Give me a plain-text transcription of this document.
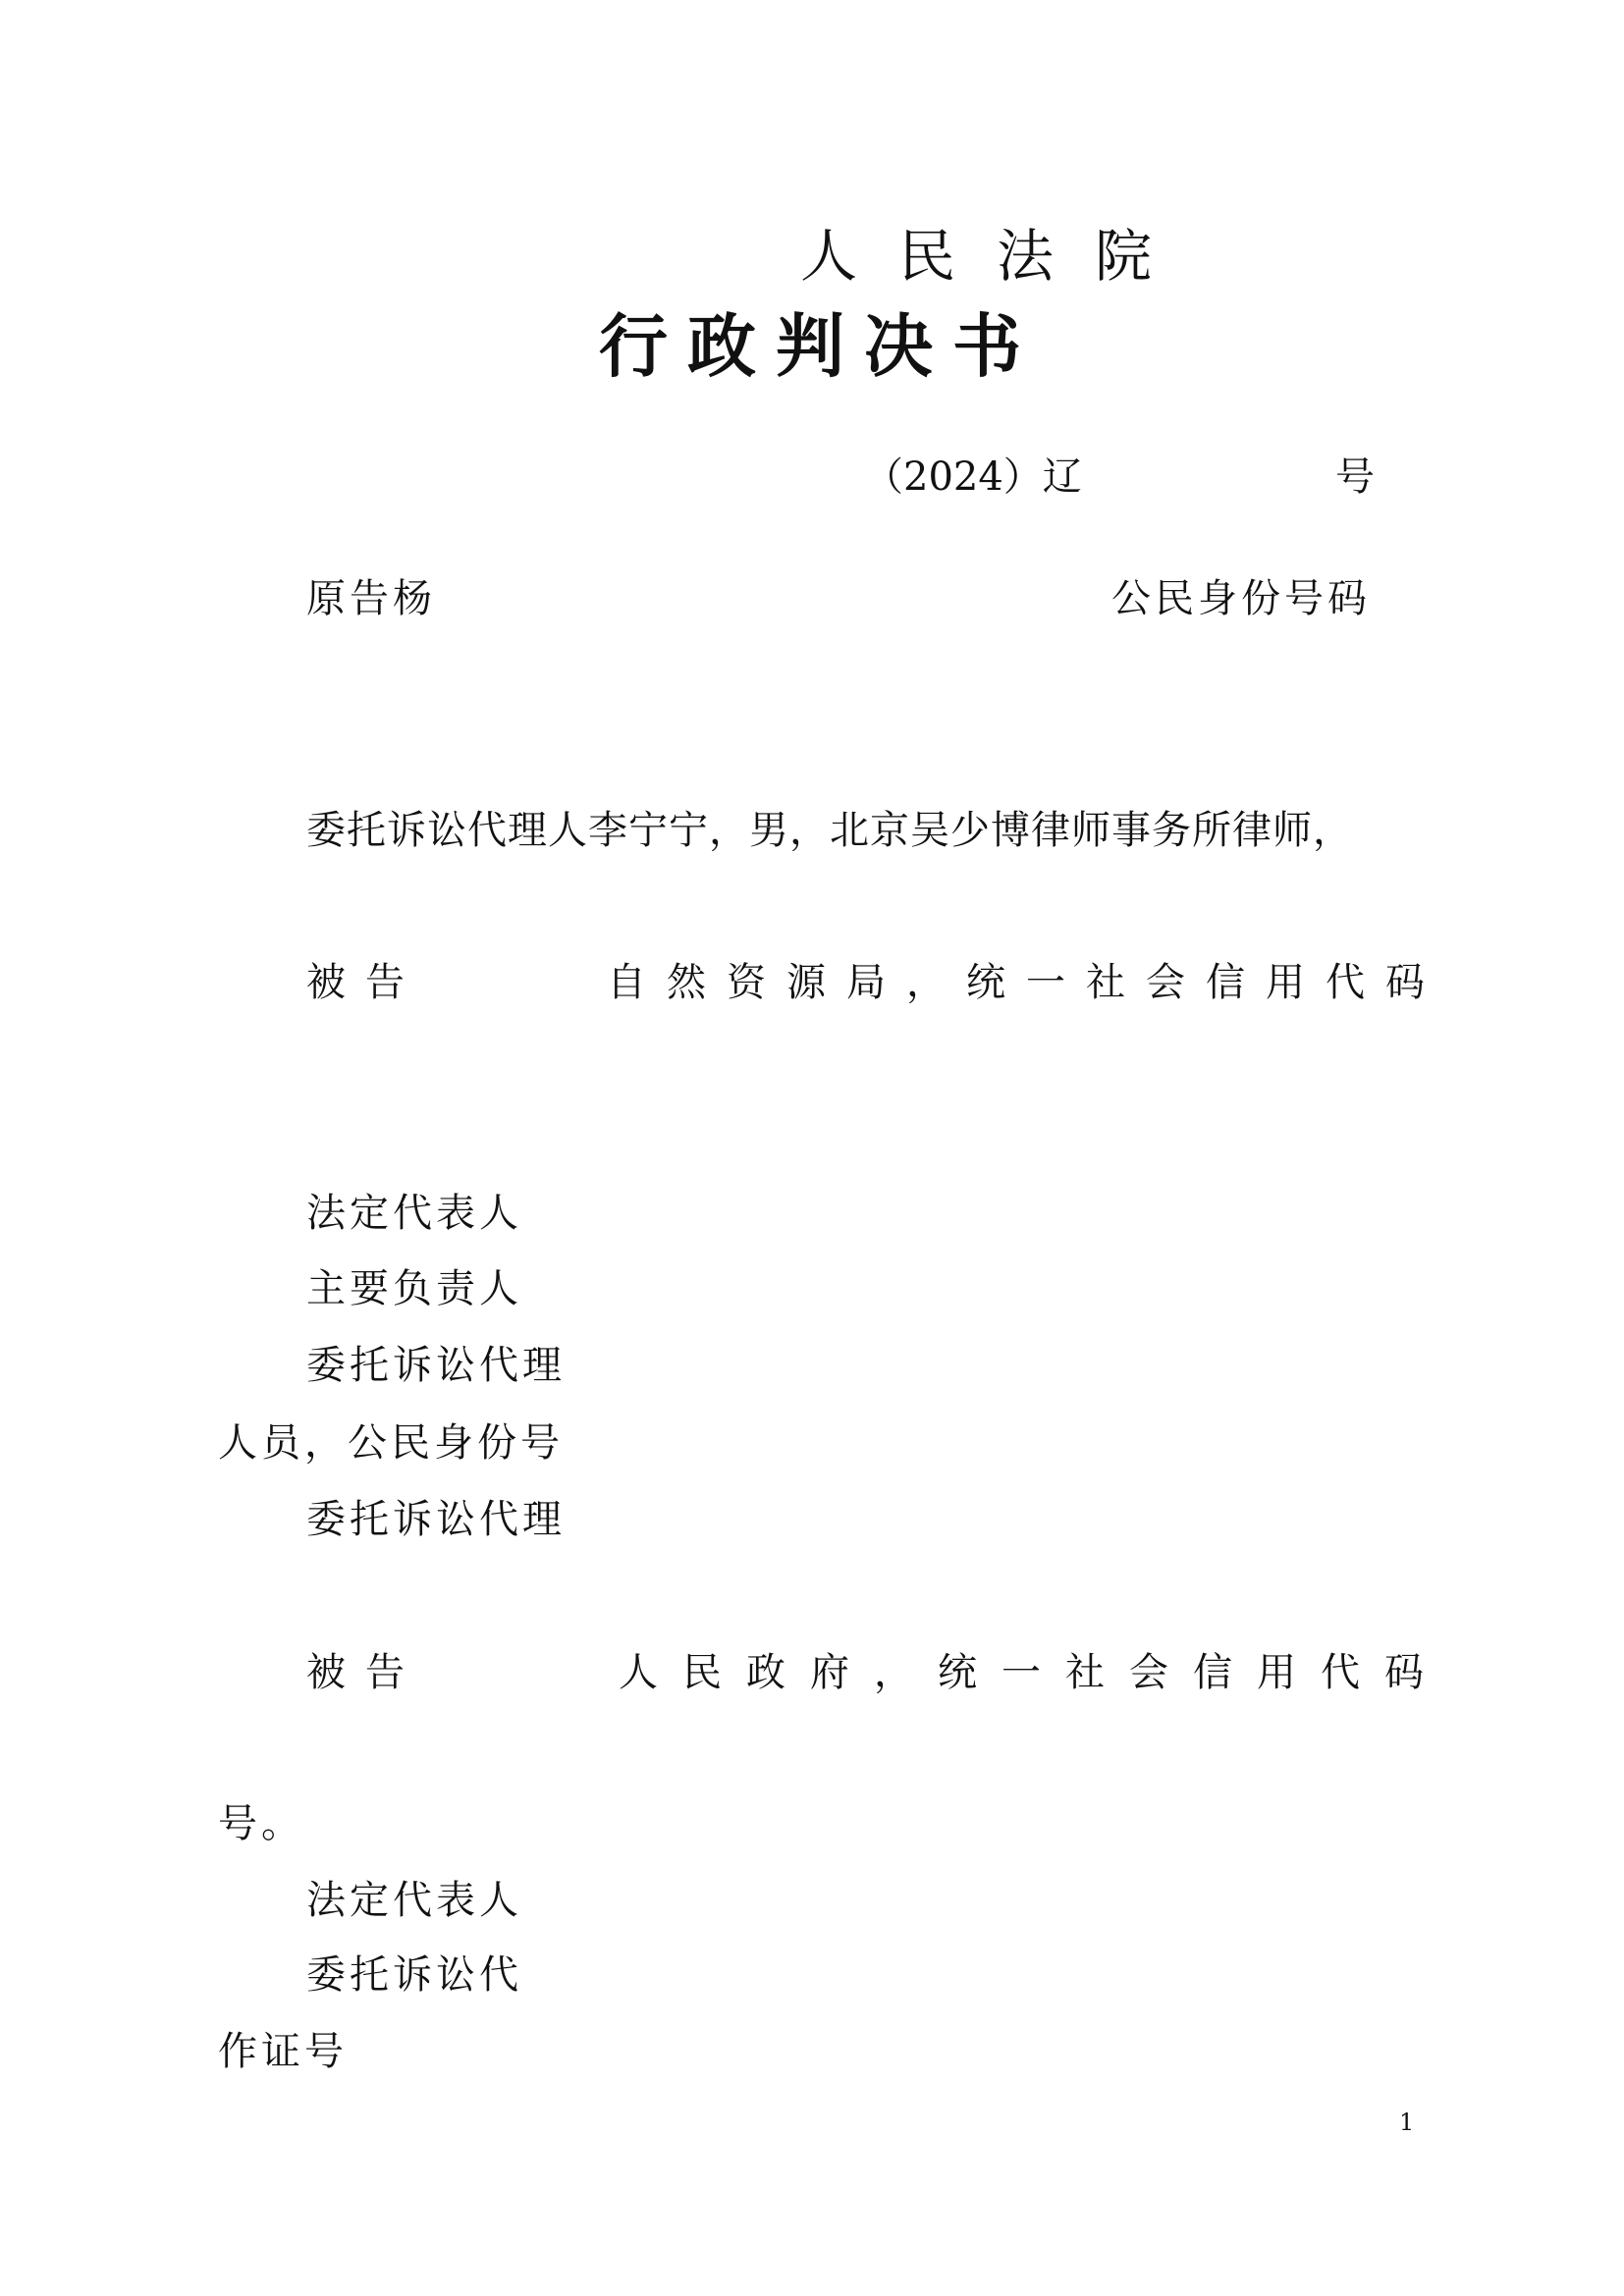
人民法院
行政判决书
（2024）辽	号
原告杨	公民身份号码
委托诉讼代理人李宁宁，男，北京吴少博律师事务所律师，
被告	自然资源局，统一社会信用代码
法定代表人
主要负责人
委托诉讼代理
人员，公民身份号
委托诉讼代理
被告	人民政府，统一社会信用代码
号。
法定代表人
委托诉讼代
作证号
1
